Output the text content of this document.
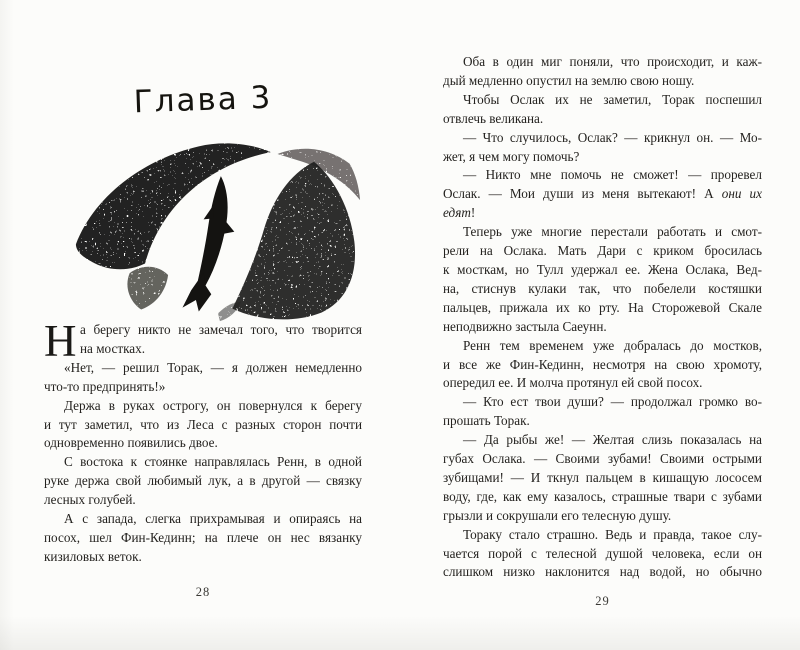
Глава 3
Н а берегу никто не замечал того, что творится
на мостках.
«Нет, — решил Торак, — я должен немедленно
что-то предпринять!»
Держа в руках острогу, он повернулся к берегу
и тут заметил, что из Леса с разных сторон почти
одновременно появились двое.
С востока к стоянке направлялась Ренн, в одной
руке держа свой любимый лук, а в другой — связку
лесных голубей.
А с запада, слегка прихрамывая и опираясь на
посох, шел Фин-Кединн; на плече он нес вязанку
кизиловых веток.
28
Оба в один миг поняли, что происходит, и каж-
дый медленно опустил на землю свою ношу.
Чтобы Ослак их не заметил, Торак поспешил
отвлечь великана.
— Что случилось, Ослак? — крикнул он. — Мо-
жет, я чем могу помочь?
— Никто мне помочь не сможет! — проревел
Ослак. — Мои души из меня вытекают! А они их
едят!
Теперь уже многие перестали работать и смот-
рели на Ослака. Мать Дари с криком бросилась
к мосткам, но Тулл удержал ее. Жена Ослака, Вед-
на, стиснув кулаки так, что побелели костяшки
пальцев, прижала их ко рту. На Сторожевой Скале
неподвижно застыла Саеунн.
Ренн тем временем уже добралась до мостков,
и все же Фин-Кединн, несмотря на свою хромоту,
опередил ее. И молча протянул ей свой посох.
— Кто ест твои души? — продолжал громко во-
прошать Торак.
— Да рыбы же! — Желтая слизь показалась на
губах Ослака. — Своими зубами! Своими острыми
зубищами! — И ткнул пальцем в кишащую лососем
воду, где, как ему казалось, страшные твари с зубами
грызли и сокрушали его телесную душу.
Тораку стало страшно. Ведь и правда, такое слу-
чается порой с телесной душой человека, если он
слишком низко наклонится над водой, но обычно
29
